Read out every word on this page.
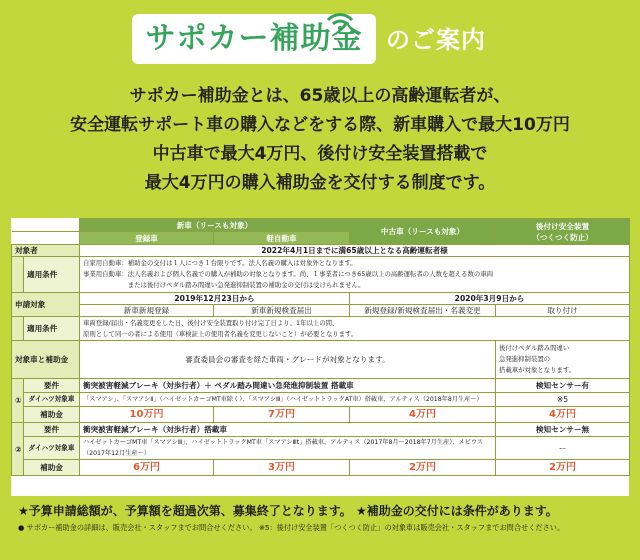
サポカー補助金 のご案内
サポカー補助金とは、65歳以上の高齢運転者が、
安全運転サポート車の購入などをする際、新車購入で最大10万円
中古車で最大4万円、後付け安全装置搭載で
最大4万円の購入補助金を交付する制度です。
		新車（リースも対象）		中古車（リースも対象）	後付け安全装置
（つくつく防止）
		登録車	軽自動車		
対象者		2022年4月1日までに満65歳以上となる高齢運転者様			
	適用条件	自家用自動車：補助金の交付は１人につき１台限りです。法人名義の購入は対象外となります。
事業用自動車：法人名義および個人名義での購入が補助の対象となります。尚、１事業者につき65歳以上の高齢運転者の人数を超える数の車両
　　　　　　　または後付けペダル踏み間違い急発進抑制装置の補助金の交付は受けられません。			

申請対象		2019年12月23日から		2020年3月9日から	
		新車新規登録	新車新規検査届出	新規登録/新規検査届出・名義変更	取り付け
	適用条件	車両登録/届出・名義変更をした日、後付け安全装置取り付け完了日より、1年以上の間、
原則として同一の者による使用（車検証上の使用者名義を変更しないこと）が必要となります。			

対象車と補助金		審査委員会の審査を経た車両・グレードが対象となります。			後付けペダル踏み間違い
急発進抑制装置の
搭載車が対象となります。

①	要件	衝突被害軽減ブレーキ（対歩行者）＋ ペダル踏み間違い急発進抑制装置 搭載車			検知センサー有
	ダイハツ対象車	「スマアシ」、「スマアシⅡ」（ハイゼットカーゴMT車除く）、「スマアシⅢ」（ハイゼットトラックAT車）搭載車、アルティス（2018年8月生産〜）			※5
	補助金	10万円	7万円	4万円	4万円
②	要件	衝突被害軽減ブレーキ（対歩行者）搭載車			検知センサー無
	ダイハツ対象車	ハイゼットカーゴMT車「スマアシⅢ」、ハイゼットトラックMT車「スマアシⅢt」搭載車、アルティス（2017年8月〜2018年7月生産）、メビウス（2017年12月生産〜）			ー
	補助金	6万円	3万円	2万円	2万円
★予算申請総額が、予算額を超過次第、募集終了となります。 ★補助金の交付には条件があります。
● サポカー補助金の詳細は、販売会社・スタッフまでお問合せください。 ※5：後付け安全装置「つくつく防止」の対象車は販売会社・スタッフまでお問合せください。
